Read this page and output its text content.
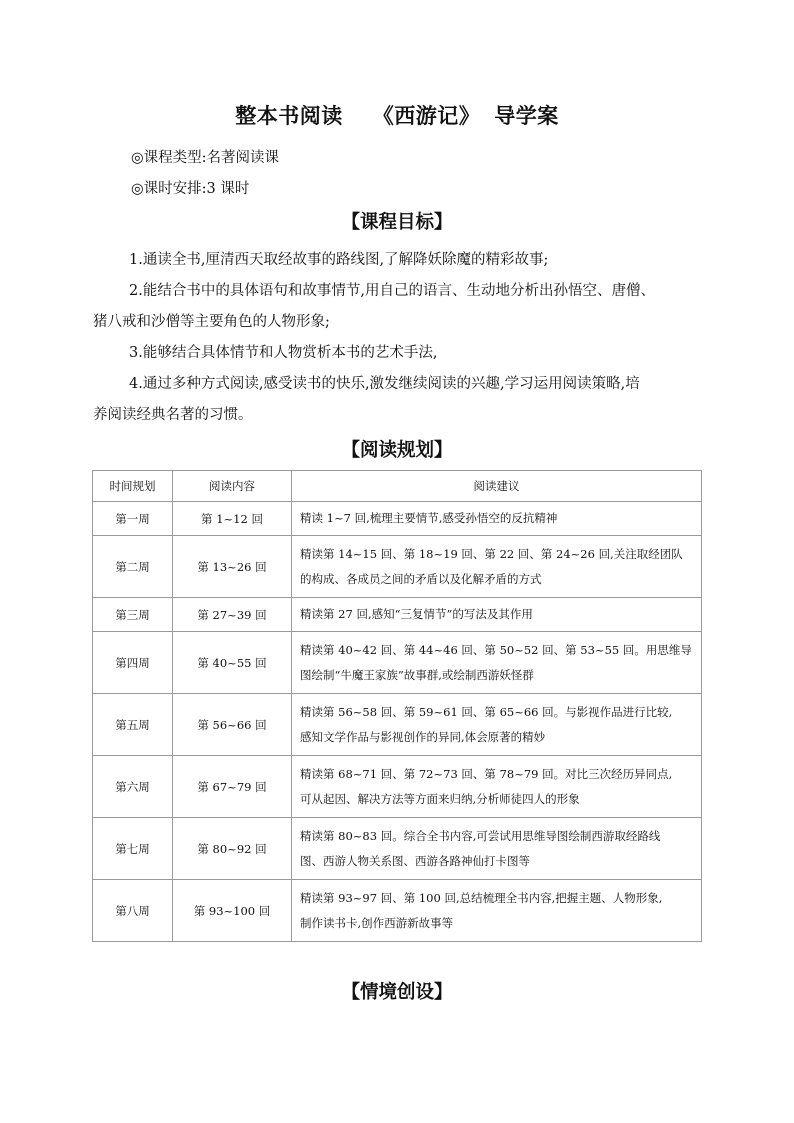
整本书阅读 《西游记》 导学案
◎课程类型:名著阅读课
◎课时安排:3 课时
【课程目标】

1.通读全书,厘清西天取经故事的路线图,了解降妖除魔的精彩故事;

2.能结合书中的具体语句和故事情节,用自己的语言、生动地分析出孙悟空、唐僧、
猪八戒和沙僧等主要角色的人物形象;

3.能够结合具体情节和人物赏析本书的艺术手法,

4.通过多种方式阅读,感受读书的快乐,激发继续阅读的兴趣,学习运用阅读策略,培
养阅读经典名著的习惯。

【阅读规划】
时间规划	阅读内容	阅读建议
第一周	第 1~12 回	精读 1~7 回,梳理主要情节,感受孙悟空的反抗精神

第二周	第 13~26 回	精读第 14~15 回、第 18~19 回、第 22 回、第 24~26 回,关注取经团队
的构成、各成员之间的矛盾以及化解矛盾的方式

第三周	第 27~39 回	精读第 27 回,感知“三复情节”的写法及其作用

第四周	第 40~55 回	精读第 40~42 回、第 44~46 回、第 50~52 回、第 53~55 回。用思维导
图绘制“牛魔王家族”故事群,或绘制西游妖怪群

第五周	第 56~66 回	精读第 56~58 回、第 59~61 回、第 65~66 回。与影视作品进行比较,
感知文学作品与影视创作的异同,体会原著的精妙

第六周	第 67~79 回	精读第 68~71 回、第 72~73 回、第 78~79 回。对比三次经历异同点,
可从起因、解决方法等方面来归纳,分析师徒四人的形象

第七周	第 80~92 回	精读第 80~83 回。综合全书内容,可尝试用思维导图绘制西游取经路线
图、西游人物关系图、西游各路神仙打卡图等

第八周	第 93~100 回	精读第 93~97 回、第 100 回,总结梳理全书内容,把握主题、人物形象,
制作读书卡,创作西游新故事等
【情境创设】
